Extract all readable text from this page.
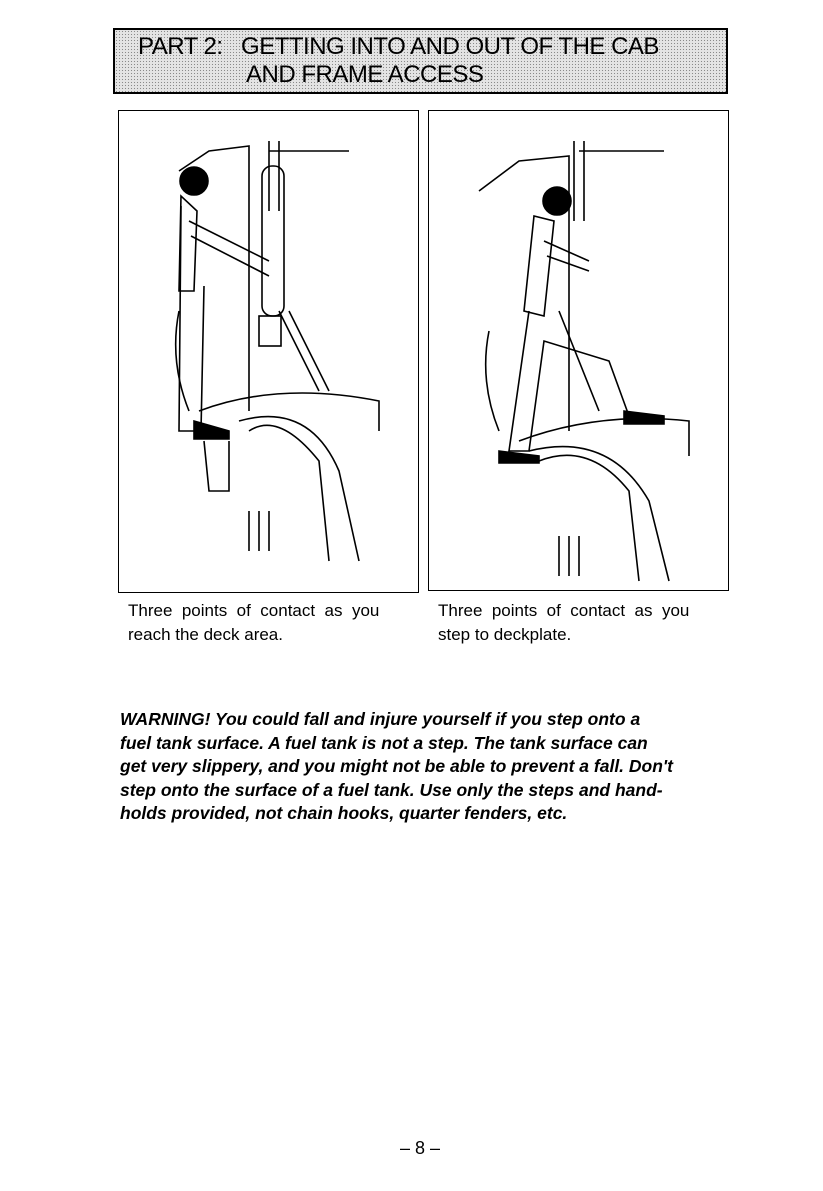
PART 2:   GETTING INTO AND OUT OF THE CAB
AND FRAME ACCESS
Three  points  of  contact  as  you
reach the deck area.
Three  points  of  contact  as  you
step to deckplate.
WARNING! You could fall and injure yourself if you step onto a
fuel tank surface. A fuel tank is not a step. The tank surface can
get very slippery, and you might not be able to prevent a fall. Don't
step onto the surface of a fuel tank. Use only the steps and hand-
holds provided, not chain hooks, quarter fenders, etc.
– 8 –
